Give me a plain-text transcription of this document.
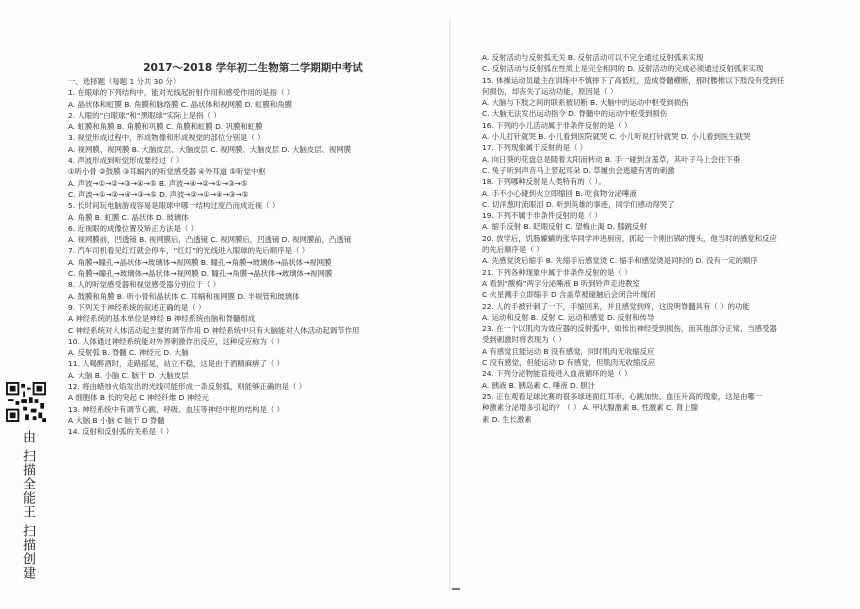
2017～2018 学年初二生物第二学期期中考试
一、选择题（每题 1 分共 30 分）
1. 在眼球的下列结构中，能对光线起折射作用和感受作用的是指（ ）
A. 晶状体和虹膜 B. 角膜和脉络膜 C. 晶状体和视网膜 D. 虹膜和角膜
2. 人眼的“白眼球”和“黑眼球”实际上是指（ ）
A. 虹膜和角膜 B. 角膜和巩膜 C. 角膜和虹膜 D. 巩膜和虹膜
3. 视觉形成过程中，形成物像和形成视觉的部位分别是（ ）
A. 视网膜、视网膜 B. 大脑皮层、大脑皮层 C. 视网膜、大脑皮层 D. 大脑皮层、视网膜
4. 声波形成到听觉形成要经过（ ）
①听小骨 ②鼓膜 ③耳蜗内的听觉感受器 ④外耳道 ⑤听觉中枢
A. 声波→①→②→③→④→⑤ B. 声波→④→②→①→③→⑤
C. 声波→①→②→④→③→⑤ D. 声波→②→①→④→③→⑤
5. 长时间玩电脑游戏容易是眼球中哪一结构过度凸而成近视（ ）
A. 角膜 B. 虹膜 C. 晶状体 D. 玻璃体
6. 近视眼的成像位置及矫正方法是（ ）
A. 视网膜前，凹透镜 B. 视网膜后，凸透镜 C. 视网膜后，凹透镜 D. 视网膜前，凸透镜
7. 汽车司机看见红灯就会停车，“红灯”的光线进入眼球的先后顺序是（ ）
A. 角膜→瞳孔→晶状体→玻璃体→视网膜 B. 瞳孔→角膜→玻璃体→晶状体→视网膜
C. 角膜→瞳孔→玻璃体→晶状体→视网膜 D. 瞳孔→角膜→晶状体→玻璃体→视网膜
8. 人的听觉感受器和视觉感受器分别位于（ ）
A. 鼓膜和角膜 B. 听小骨和晶状体 C. 耳蜗和视网膜 D. 半规管和玻璃体
9. 下列关于神经系统的叙述正确的是（ ）
A 神经系统的基本单位是神经 B 神经系统由脑和脊髓组成
C 神经系统对人体活动起主要的调节作用 D 神经系统中只有大脑能对人体活动起调节作用
10. 人体通过神经系统能对外界刺激作出反应，这种反应称为（ ）
A. 反射弧 B. 脊髓 C. 神经元 D. 大脑
11. 人喝醉酒时，走路摇晃，站立不稳，这是由于酒精麻痹了（ ）
A. 大脑 B. 小脑 C. 脑干 D. 大脑皮层
12. 将由蜡烛火焰发出的光线可能形成一条反射弧，则能够正确的是（ ）
A 细胞体 B 长的突起 C 神经纤维 D 神经元
13. 神经系统中有调节心跳、呼吸、血压等神经中枢的结构是（ ）
A 大脑 B 小脑 C 脑干 D 脊髓
14. 反射和反射弧的关系是（ ）
A. 反射活动与反射弧无关 B. 反射活动可以不完全通过反射弧来实现
C. 反射活动与反射弧在性质上是完全相同的 D. 反射活动的完成必须通过反射弧来实现
15. 体操运动员最主在训练中不慎摔下了高低杠，造成脊髓横断，那时腰椎以下肢没有受到任
何损伤，却丧失了运动功能，原因是（ ）
A. 大脑与下肢之间的联系被切断 B. 大脑中的运动中枢受到损伤
C. 大脑无法发出运动指令 D. 脊髓中的运动中枢受到损伤
16. 下列的小儿活动属于非条件反射的是（ ）
A. 小儿打针就哭 B. 小儿看到医院就哭 C. 小儿听说打针就哭 D. 小儿看到医生就哭
17. 下列现象属于反射的是（ ）
A. 向日葵的花盘总是随着太阳而转动 B. 手一碰到含羞草，其叶子马上会往下垂
C. 兔子听到声音马上竖起耳朵 D. 草履虫会逃避有害的刺激
18. 下列哪种反射是人类特有的（ ）。
A. 手不小心碰到火立即缩回 B. 吃食物分泌唾液
C. 切洋葱时流眼泪 D. 听到英雄的事迹，同学们感动得哭了
19. 下列不属于非条件反射的是（ ）
A. 缩手反射 B. 眨眼反射 C. 望梅止渴 D. 膝跳反射
20. 放学后，饥肠辘辘的张华同学冲进厨房，抓起一个刚出锅的馒头，他当时的感觉和反应
的先后顺序是（ ）
A. 先感觉烫后缩手 B. 先缩手后感觉烫 C. 缩手和感觉烫是同时的 D. 没有一定的顺序
21. 下列各种现象中属于非条件反射的是（ ）
A 看到“酸梅”两字分泌唾液 B 听到铃声走进教室
C 火星溅手立即缩手 D 含盖草被碰触后会闭合叶缘闭
22. 人的手被针刺了一下，手缩回来，并且感觉到疼，这说明脊髓具有（ ）的功能
A. 运动和反射 B. 反射 C. 运动和感觉 D. 反射和传导
23. 在一个以肌肉为效应器的反射弧中，如传出神经受到损伤，而其他部分正常，当感受器
受到刺激时将表现为（ ）
A 有感觉且能运动 B 没有感觉，同时肌肉无收缩反应
C 没有感觉，但能运动 D 有感觉，但肌肉无收缩反应
24. 下列分泌物能直接进入血液循环的是（ ）
A. 胰液 B. 胰岛素 C. 唾液 D. 胆汁
25. 正在观看足球比赛的很多球迷面红耳赤、心跳加快、血压升高的现象，这是由哪一
种激素分泌增多引起的？（ ） A. 甲状腺激素 B. 性激素 C. 肾上腺
素 D. 生长激素
由 扫描全能王 扫描创建
